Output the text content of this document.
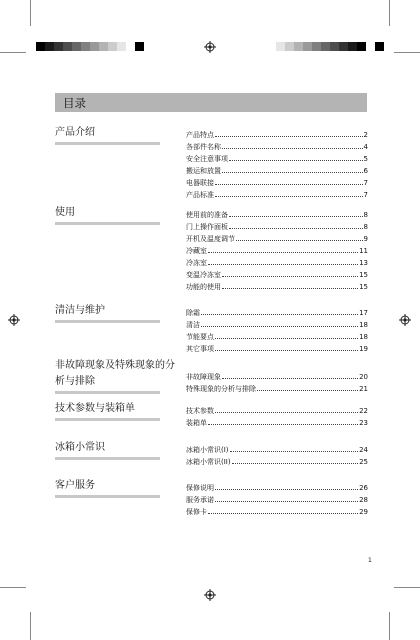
目录
产品介绍	产品特点	2
各部件名称	4
安全注意事项	5
搬运和放置	6
电器联接	7
产品标准	7
使用	使用前的准备	8
门上操作面板	8
开机及温度调节	9
冷藏室	11
冷冻室	13
变温冷冻室	15
功能的使用	15
清洁与维护	除霜	17
清洁	18
节能要点	18
其它事项	19
非故障现象及特殊现象的分
析与排除	非故障现象	20
特殊现象的分析与排除	21
技术参数与装箱单	技术参数	22
装箱单	23
冰箱小常识	冰箱小常识(I)	24
冰箱小常识(II)	25
客户服务	保修说明	26
服务承诺	28
保修卡	29
1
